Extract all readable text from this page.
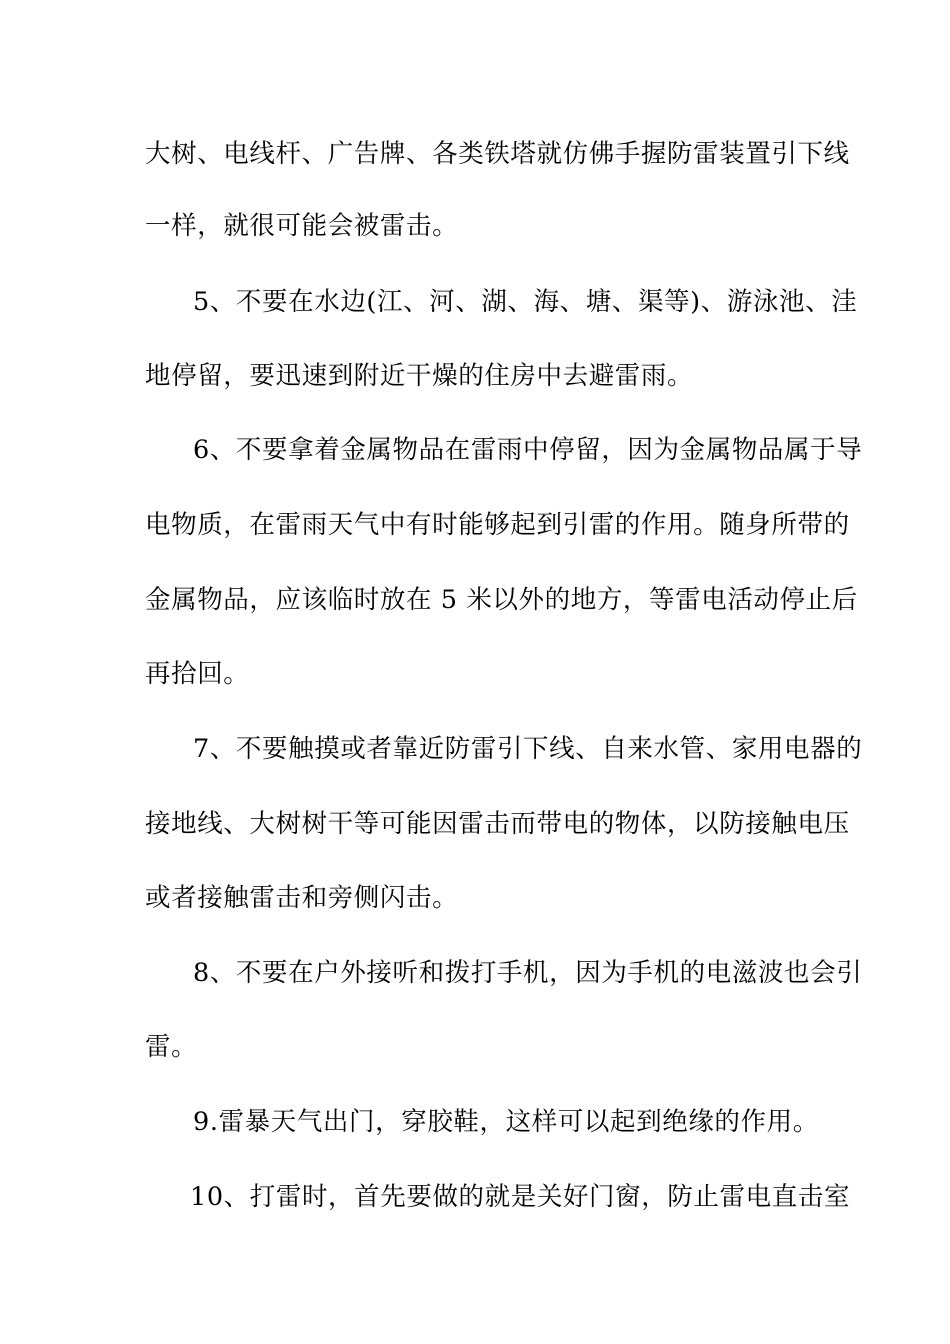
大树、电线杆、广告牌、各类铁塔就仿佛手握防雷装置引下线
一样，就很可能会被雷击。
5、不要在水边(江、河、湖、海、塘、渠等)、游泳池、洼
地停留，要迅速到附近干燥的住房中去避雷雨。
6、不要拿着金属物品在雷雨中停留，因为金属物品属于导
电物质，在雷雨天气中有时能够起到引雷的作用。随身所带的
金属物品，应该临时放在 5 米以外的地方，等雷电活动停止后
再拾回。
7、不要触摸或者靠近防雷引下线、自来水管、家用电器的
接地线、大树树干等可能因雷击而带电的物体，以防接触电压
或者接触雷击和旁侧闪击。
8、不要在户外接听和拨打手机，因为手机的电滋波也会引
雷。
9.雷暴天气出门，穿胶鞋，这样可以起到绝缘的作用。
10、打雷时，首先要做的就是关好门窗，防止雷电直击室
